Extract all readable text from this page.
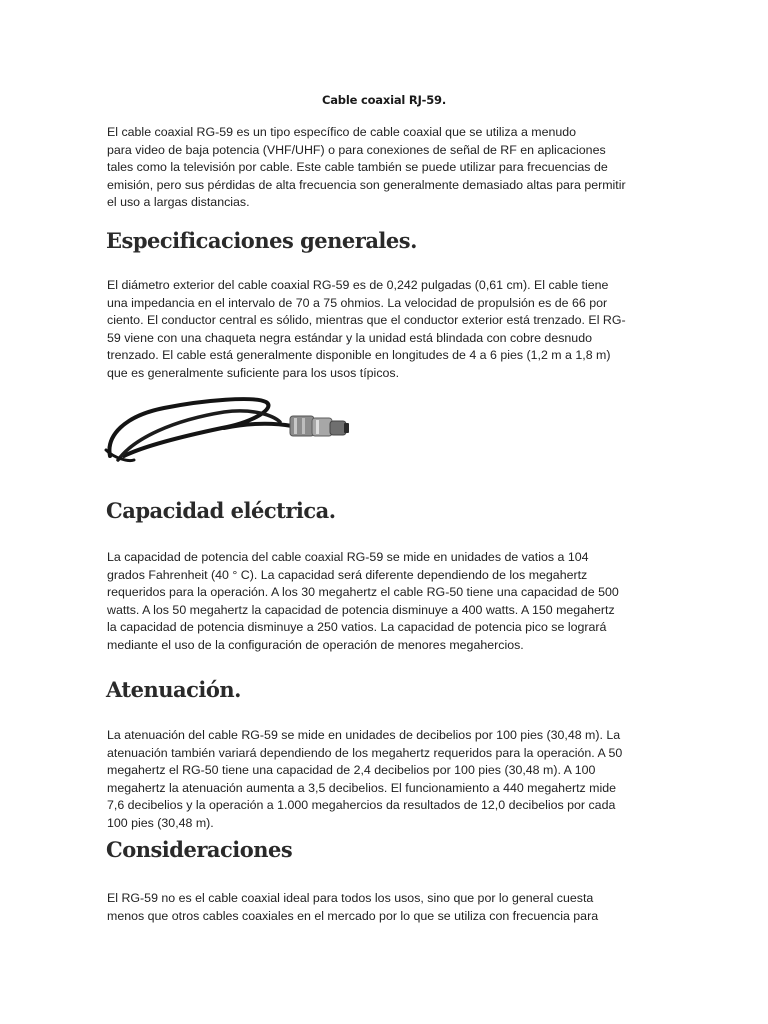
Cable coaxial RJ-59.
El cable coaxial RG-59 es un tipo específico de cable coaxial que se utiliza a menudo
para video de baja potencia (VHF/UHF) o para conexiones de señal de RF en aplicaciones
tales como la televisión por cable. Este cable también se puede utilizar para frecuencias de
emisión, pero sus pérdidas de alta frecuencia son generalmente demasiado altas para permitir
el uso a largas distancias.
Especificaciones generales.
El diámetro exterior del cable coaxial RG-59 es de 0,242 pulgadas (0,61 cm). El cable tiene
una impedancia en el intervalo de 70 a 75 ohmios. La velocidad de propulsión es de 66 por
ciento. El conductor central es sólido, mientras que el conductor exterior está trenzado. El RG-
59 viene con una chaqueta negra estándar y la unidad está blindada con cobre desnudo
trenzado. El cable está generalmente disponible en longitudes de 4 a 6 pies (1,2 m a 1,8 m)
que es generalmente suficiente para los usos típicos.
Capacidad eléctrica.
La capacidad de potencia del cable coaxial RG-59 se mide en unidades de vatios a 104
grados Fahrenheit (40 ° C). La capacidad será diferente dependiendo de los megahertz
requeridos para la operación. A los 30 megahertz el cable RG-50 tiene una capacidad de 500
watts. A los 50 megahertz la capacidad de potencia disminuye a 400 watts. A 150 megahertz
la capacidad de potencia disminuye a 250 vatios. La capacidad de potencia pico se logrará
mediante el uso de la configuración de operación de menores megahercios.
Atenuación.
La atenuación del cable RG-59 se mide en unidades de decibelios por 100 pies (30,48 m). La
atenuación también variará dependiendo de los megahertz requeridos para la operación. A 50
megahertz el RG-50 tiene una capacidad de 2,4 decibelios por 100 pies (30,48 m). A 100
megahertz la atenuación aumenta a 3,5 decibelios. El funcionamiento a 440 megahertz mide
7,6 decibelios y la operación a 1.000 megahercios da resultados de 12,0 decibelios por cada
100 pies (30,48 m).
Consideraciones
El RG-59 no es el cable coaxial ideal para todos los usos, sino que por lo general cuesta
menos que otros cables coaxiales en el mercado por lo que se utiliza con frecuencia para
